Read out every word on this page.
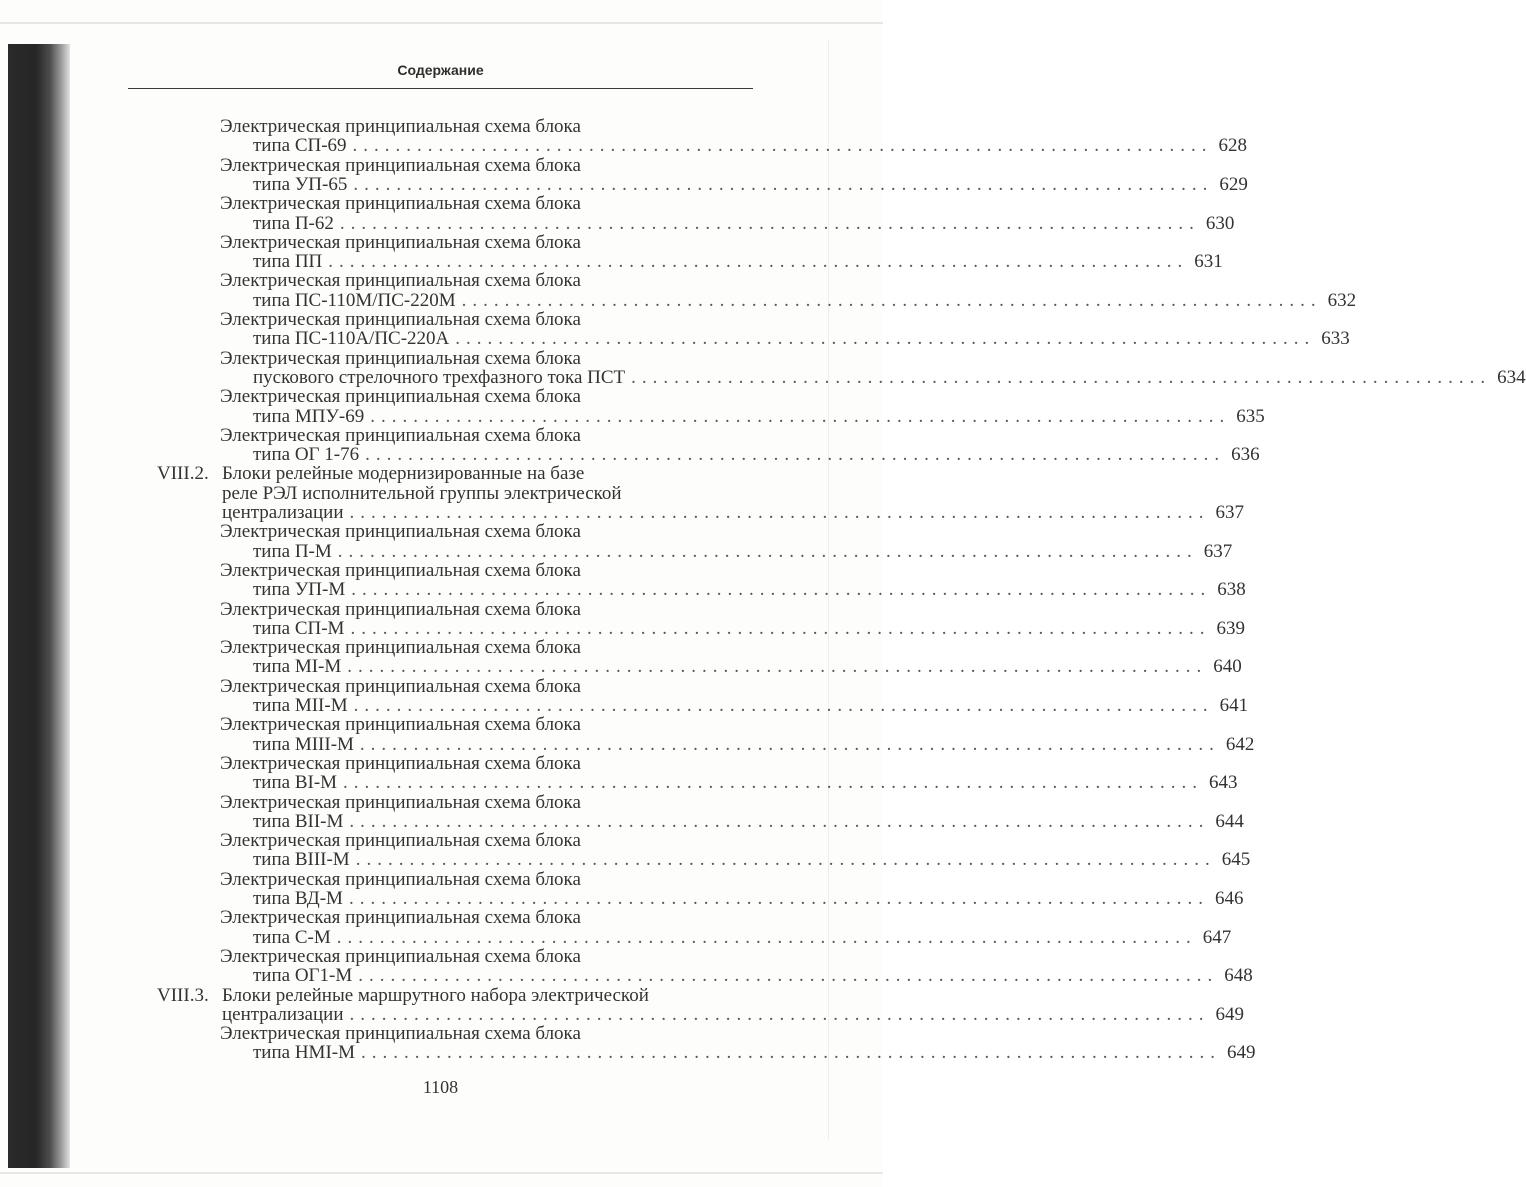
Содержание
Электрическая принципиальная схема блока
типа СП-69 ................................................................................ 628
Электрическая принципиальная схема блока
типа УП-65 ................................................................................ 629
Электрическая принципиальная схема блока
типа П-62 ................................................................................ 630
Электрическая принципиальная схема блока
типа ПП ................................................................................ 631
Электрическая принципиальная схема блока
типа ПС-110М/ПС-220М ................................................................................ 632
Электрическая принципиальная схема блока
типа ПС-110А/ПС-220А ................................................................................ 633
Электрическая принципиальная схема блока
пускового стрелочного трехфазного тока ПСТ ................................................................................ 634
Электрическая принципиальная схема блока
типа МПУ-69 ................................................................................ 635
Электрическая принципиальная схема блока
типа ОГ 1-76 ................................................................................ 636
VIII.2. Блоки релейные модернизированные на базе
реле РЭЛ исполнительной группы электрической
централизации ................................................................................ 637
Электрическая принципиальная схема блока
типа П-М ................................................................................ 637
Электрическая принципиальная схема блока
типа УП-М ................................................................................ 638
Электрическая принципиальная схема блока
типа СП-М ................................................................................ 639
Электрическая принципиальная схема блока
типа МI-М ................................................................................ 640
Электрическая принципиальная схема блока
типа МII-М ................................................................................ 641
Электрическая принципиальная схема блока
типа МIII-М ................................................................................ 642
Электрическая принципиальная схема блока
типа ВI-М ................................................................................ 643
Электрическая принципиальная схема блока
типа ВII-М ................................................................................ 644
Электрическая принципиальная схема блока
типа ВIII-М ................................................................................ 645
Электрическая принципиальная схема блока
типа ВД-М ................................................................................ 646
Электрическая принципиальная схема блока
типа С-М ................................................................................ 647
Электрическая принципиальная схема блока
типа ОГ1-М ................................................................................ 648
VIII.3. Блоки релейные маршрутного набора электрической
централизации ................................................................................ 649
Электрическая принципиальная схема блока
типа НМI-М ................................................................................ 649
1108
